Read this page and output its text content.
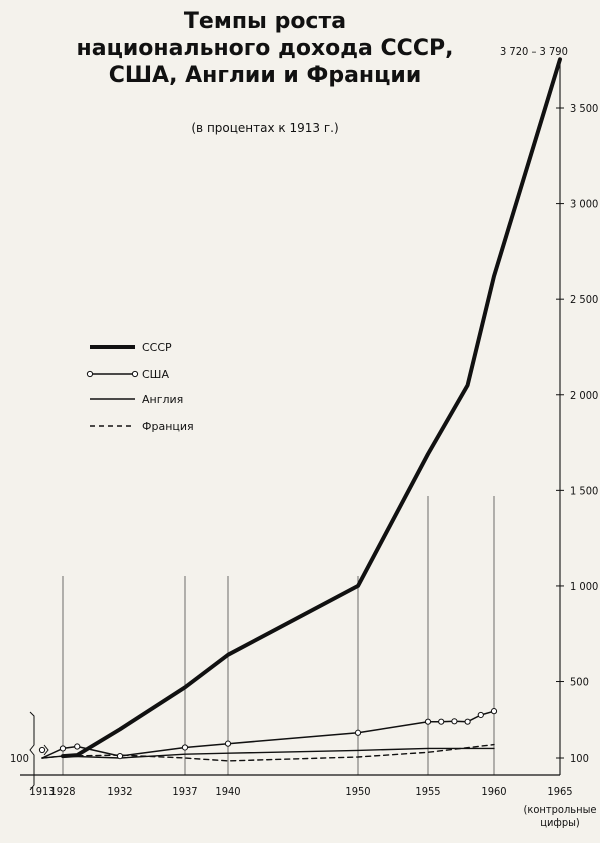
Темпы роста
национального дохода СССР,
США, Англии и Франции
(в процентах к 1913 г.)
100
500
1 000
1 500
2 000
2 500
3 000
3 500
100
3 720 – 3 790
1913
1928	1932	1937 1940	1950	1955	1960	1965
(контрольные цифры)
СССР
США
Англия
Франция
